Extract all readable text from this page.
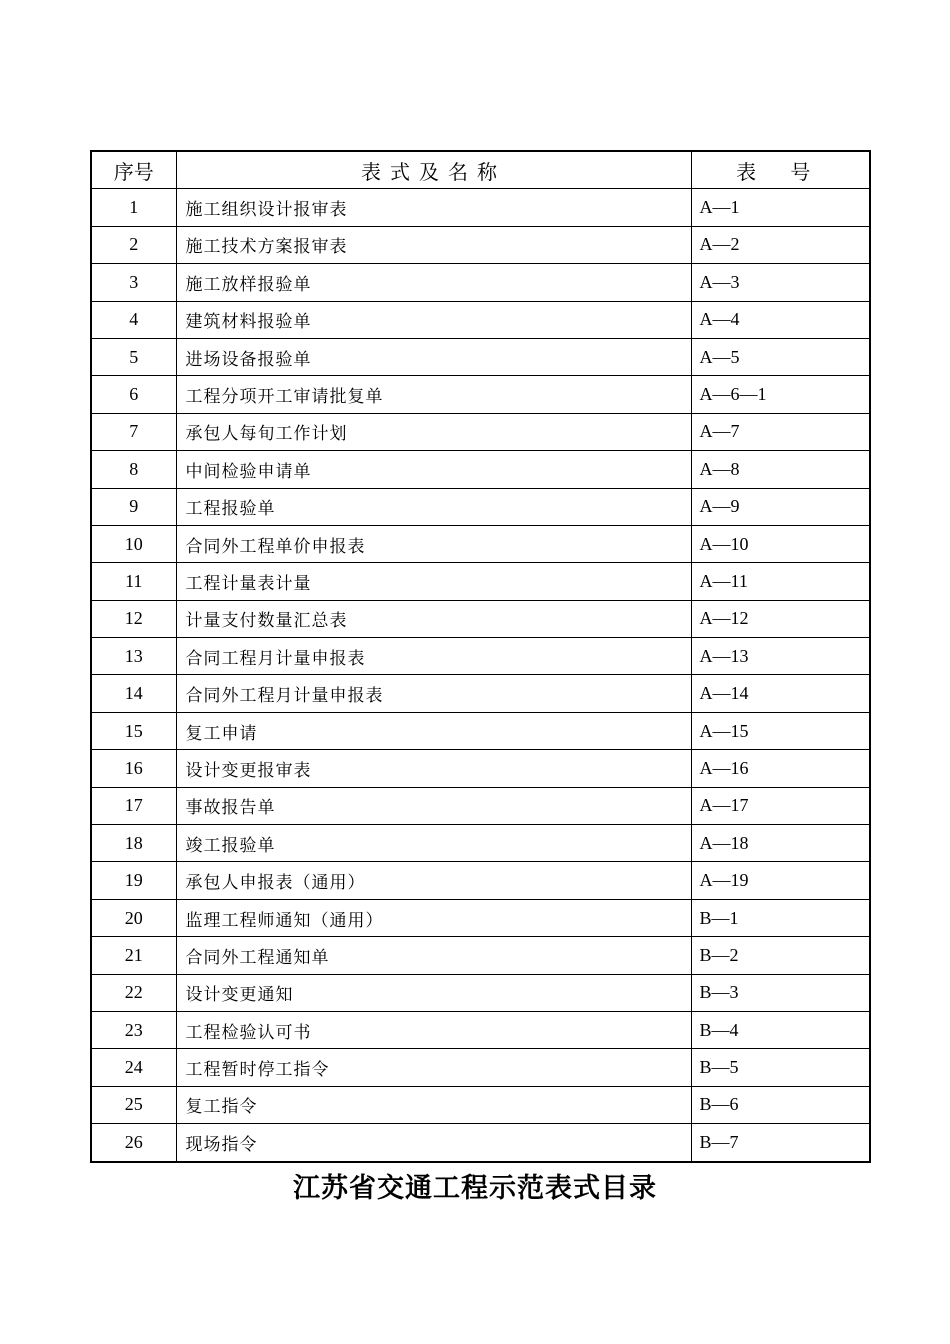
序号	表式及名称	表 号
1	施工组织设计报审表	A—1
2	施工技术方案报审表	A—2
3	施工放样报验单	A—3
4	建筑材料报验单	A—4
5	进场设备报验单	A—5
6	工程分项开工审请批复单	A—6—1
7	承包人每旬工作计划	A—7
8	中间检验申请单	A—8
9	工程报验单	A—9
10	合同外工程单价申报表	A—10
11	工程计量表计量	A—11
12	计量支付数量汇总表	A—12
13	合同工程月计量申报表	A—13
14	合同外工程月计量申报表	A—14
15	复工申请	A—15
16	设计变更报审表	A—16
17	事故报告单	A—17
18	竣工报验单	A—18
19	承包人申报表（通用）	A—19
20	监理工程师通知（通用）	B—1
21	合同外工程通知单	B—2
22	设计变更通知	B—3
23	工程检验认可书	B—4
24	工程暂时停工指令	B—5
25	复工指令	B—6
26	现场指令	B—7
江苏省交通工程示范表式目录
